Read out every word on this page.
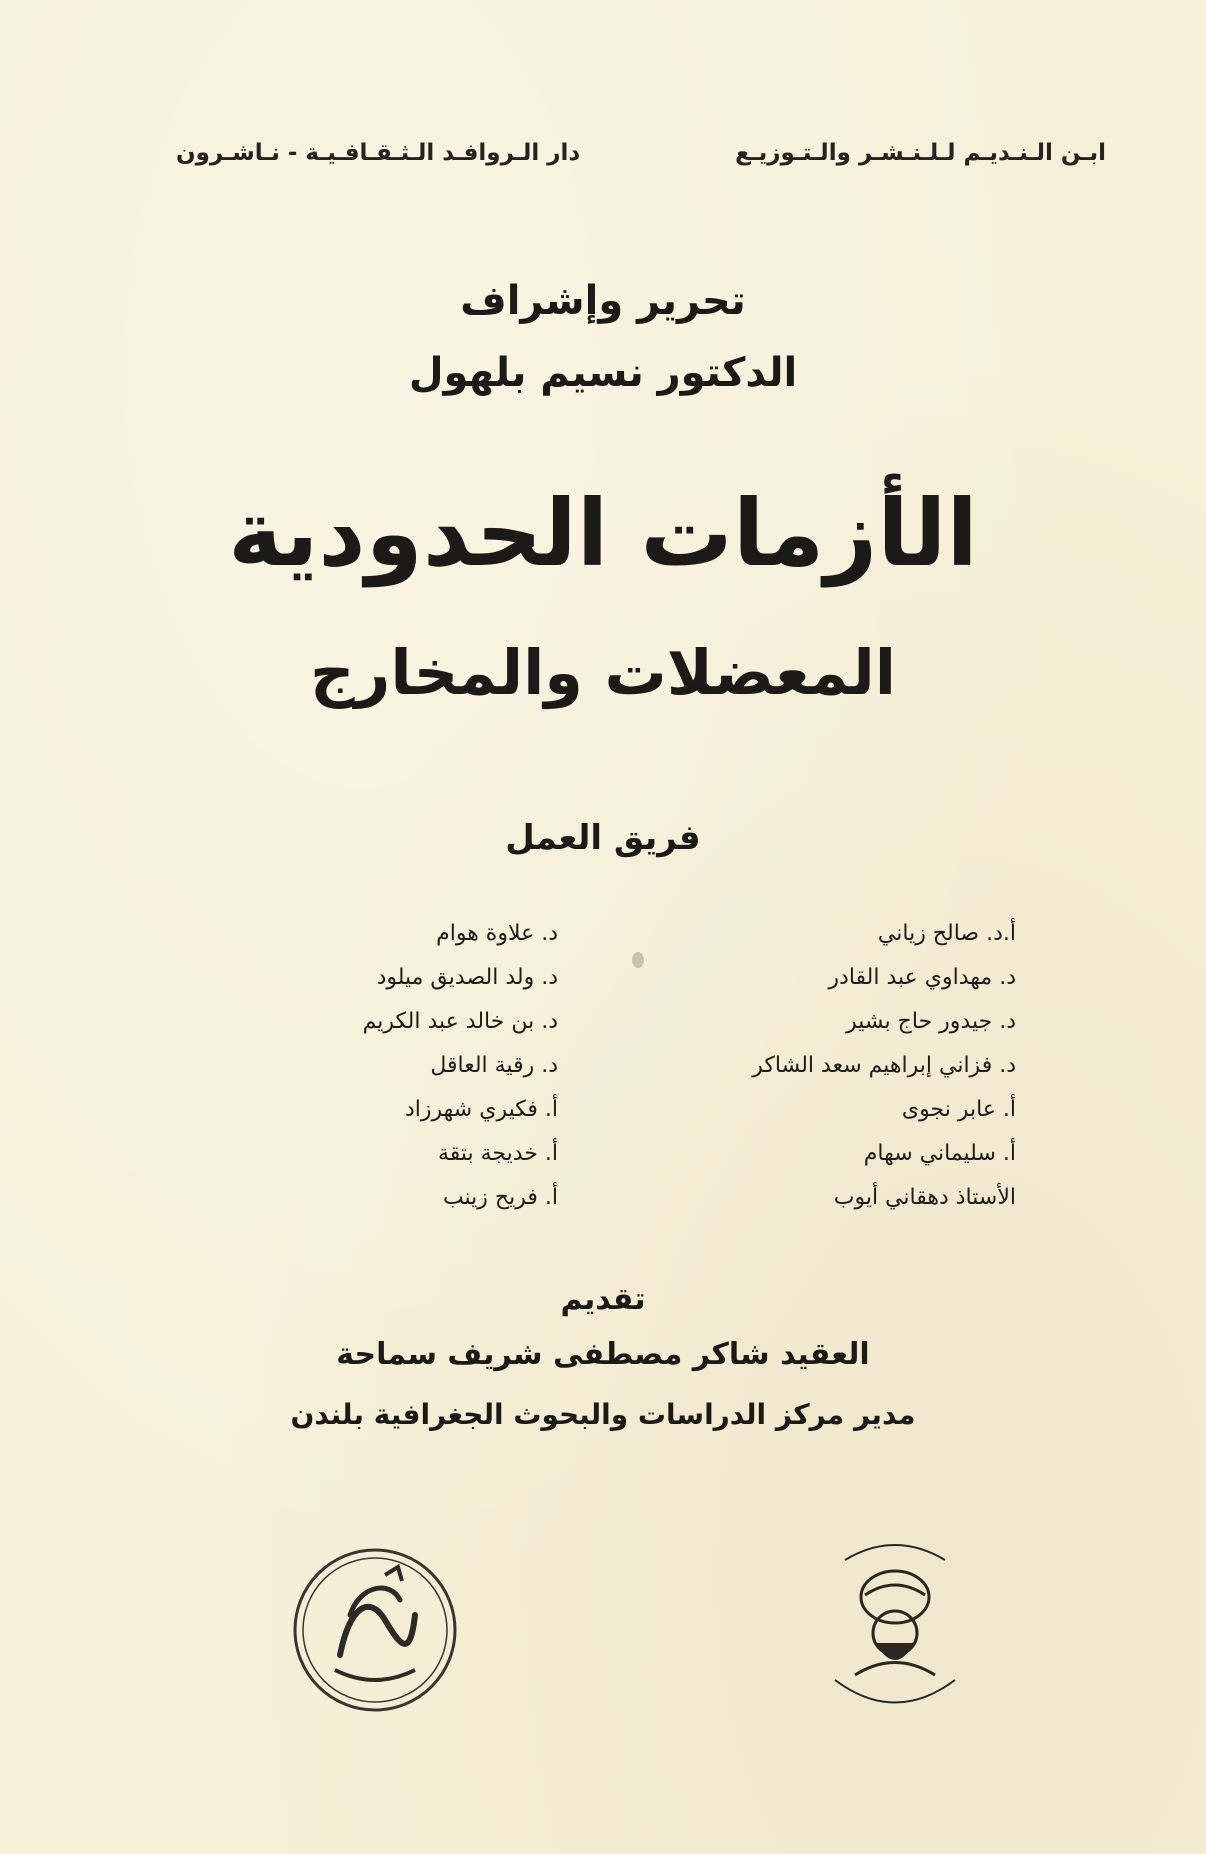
ابـن الـنـديـم لـلـنـشـر والـتـوزيـع
دار الـروافـد الـثـقـافـيـة - نـاشـرون
تحرير وإشراف
الدكتور نسيم بلهول
الأزمات الحدودية
المعضلات والمخارج
فريق العمل
أ.د. صالح زياني
د. مهداوي عبد القادر
د. جيدور حاج بشير
د. فزاني إبراهيم سعد الشاكر
أ. عابر نجوى
أ. سليماني سهام
الأستاذ دهقاني أيوب
د. علاوة هوام
د. ولد الصديق ميلود
د. بن خالد عبد الكريم
د. رقية العاقل
أ. فكيري شهرزاد
أ. خديجة بتقة
أ. فريح زينب
تقديم
العقيد شاكر مصطفى شريف سماحة
مدير مركز الدراسات والبحوث الجغرافية بلندن
